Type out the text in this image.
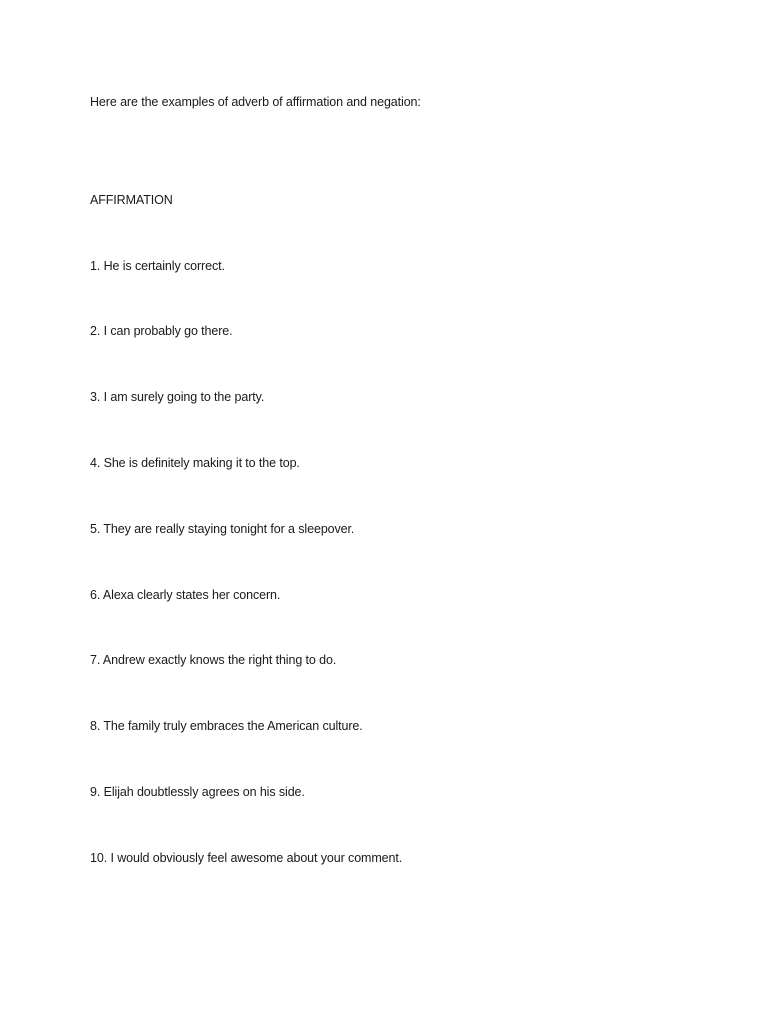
Here are the examples of adverb of affirmation and negation:
AFFIRMATION
1. He is certainly correct.
2. I can probably go there.
3. I am surely going to the party.
4. She is definitely making it to the top.
5. They are really staying tonight for a sleepover.
6. Alexa clearly states her concern.
7. Andrew exactly knows the right thing to do.
8. The family truly embraces the American culture.
9. Elijah doubtlessly agrees on his side.
10. I would obviously feel awesome about your comment.
